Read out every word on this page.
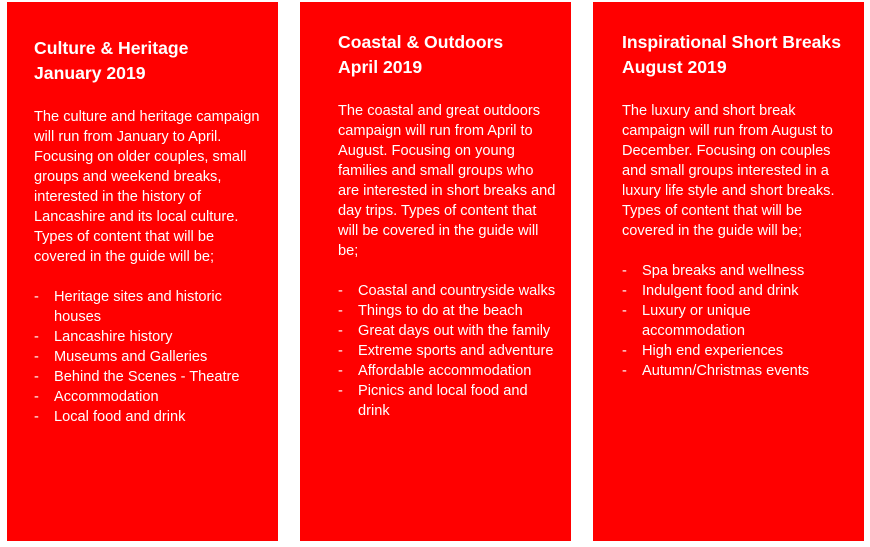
Culture & Heritage
January 2019

The culture and heritage campaign will run from January to April. Focusing on older couples, small groups and weekend breaks, interested in the history of Lancashire and its local culture.

Types of content that will be covered in the guide will be;

- Heritage sites and historic houses
- Lancashire history
- Museums and Galleries
- Behind the Scenes - Theatre
- Accommodation
- Local food and drink
Coastal & Outdoors
April 2019

The coastal and great outdoors campaign will run from April to August. Focusing on young families and small groups who are interested in short breaks and day trips. Types of content that will be covered in the guide will be;

- Coastal and countryside walks
- Things to do at the beach
- Great days out with the family
- Extreme sports and adventure
- Affordable accommodation
- Picnics and local food and drink
Inspirational Short Breaks
August 2019

The luxury and short break campaign will run from August to December. Focusing on couples and small groups interested in a luxury life style and short breaks. Types of content that will be covered in the guide will be;

- Spa breaks and wellness
- Indulgent food and drink
- Luxury or unique accommodation
- High end experiences
- Autumn/Christmas events
